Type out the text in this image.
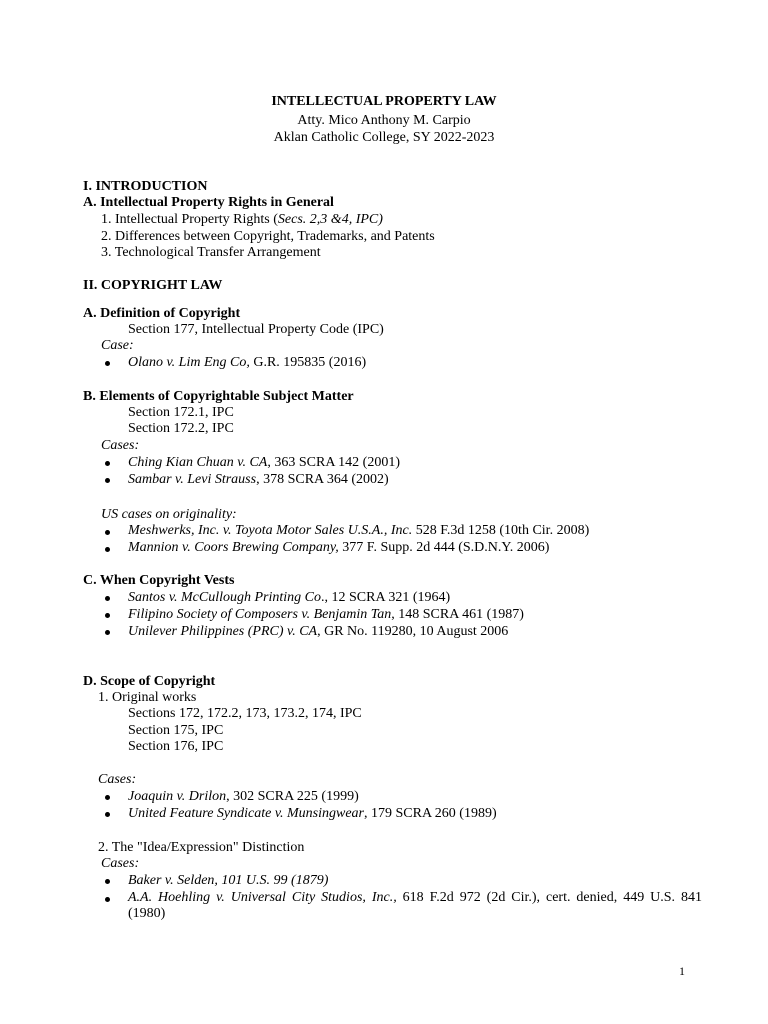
INTELLECTUAL PROPERTY LAW
Atty. Mico Anthony M. Carpio
Aklan Catholic College, SY 2022-2023
I. INTRODUCTION
A. Intellectual Property Rights in General
1. Intellectual Property Rights (Secs. 2,3 &4, IPC)
2. Differences between Copyright, Trademarks, and Patents
3. Technological Transfer Arrangement
II. COPYRIGHT LAW
A. Definition of Copyright
Section 177, Intellectual Property Code (IPC)
Case:
Olano v. Lim Eng Co, G.R. 195835 (2016)
B. Elements of Copyrightable Subject Matter
Section 172.1, IPC
Section 172.2, IPC
Cases:
Ching Kian Chuan v. CA, 363 SCRA 142 (2001)
Sambar v. Levi Strauss, 378 SCRA 364 (2002)
US cases on originality:
Meshwerks, Inc. v. Toyota Motor Sales U.S.A., Inc. 528 F.3d 1258 (10th Cir. 2008)
Mannion v. Coors Brewing Company, 377 F. Supp. 2d 444 (S.D.N.Y. 2006)
C. When Copyright Vests
Santos v. McCullough Printing Co., 12 SCRA 321 (1964)
Filipino Society of Composers v. Benjamin Tan, 148 SCRA 461 (1987)
Unilever Philippines (PRC) v. CA, GR No. 119280, 10 August 2006
D. Scope of Copyright
1. Original works
Sections 172, 172.2, 173, 173.2, 174, IPC
Section 175, IPC
Section 176, IPC
Cases:
Joaquin v. Drilon, 302 SCRA 225 (1999)
United Feature Syndicate v. Munsingwear, 179 SCRA 260 (1989)
2. The "Idea/Expression" Distinction
Cases:
Baker v. Selden, 101 U.S. 99 (1879)
A.A. Hoehling v. Universal City Studios, Inc., 618 F.2d 972 (2d Cir.), cert. denied, 449 U.S. 841 (1980)
1
